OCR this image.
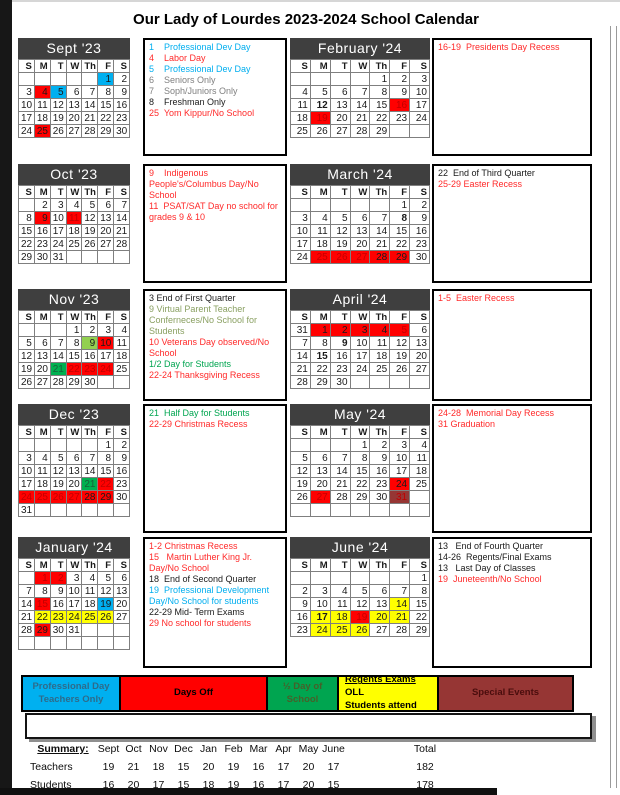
Our Lady of Lourdes 2023-2024 School Calendar
Sept '23
S	M	T	W	Th	F	S
					1	2
3	4	5	6	7	8	9
10	11	12	13	14	15	16
17	18	19	20	21	22	23
24	25	26	27	28	29	30
1    Professional Dev Day
4    Labor Day
5    Professional Dev Day
6    Seniors Only
7    Soph/Juniors Only
8    Freshman Only
25  Yom Kippur/No School
February '24
S	M	T	W	Th	F	S
				1	2	3
4	5	6	7	8	9	10
11	12	13	14	15	16	17
18	19	20	21	22	23	24
25	26	27	28	29		
16-19  Presidents Day Recess
Oct '23
S	M	T	W	Th	F	S
	2	3	4	5	6	7
8	9	10	11	12	13	14
15	16	17	18	19	20	21
22	23	24	25	26	27	28
29	30	31				
9    Indigenous People's/Columbus Day/No School
11  PSAT/SAT Day no school for grades 9 & 10
March '24
S	M	T	W	Th	F	S
					1	2
3	4	5	6	7	8	9
10	11	12	13	14	15	16
17	18	19	20	21	22	23
24	25	26	27	28	29	30
22  End of Third Quarter
25-29 Easter Recess
Nov '23
S	M	T	W	Th	F	S
			1	2	3	4
5	6	7	8	9	10	11
12	13	14	15	16	17	18
19	20	21	22	23	24	25
26	27	28	29	30		
3 End of First Quarter
9 Virtual Parent Teacher Conferneces/No School for Students
10 Veterans Day observed/No School
1/2 Day for Students
22-24 Thanksgiving Recess
April '24
S	M	T	W	Th	F	S
31	1	2	3	4	5	6
7	8	9	10	11	12	13
14	15	16	17	18	19	20
21	22	23	24	25	26	27
28	29	30				
1-5  Easter Recess
Dec '23
S	M	T	W	Th	F	S
					1	2
3	4	5	6	7	8	9
10	11	12	13	14	15	16
17	18	19	20	21	22	23
24	25	26	27	28	29	30
31						
21  Half Day for Students
22-29 Christmas Recess
May '24
S	M	T	W	Th	F	S
			1	2	3	4
5	6	7	8	9	10	11
12	13	14	15	16	17	18
19	20	21	22	23	24	25
26	27	28	29	30	31	

24-28  Memorial Day Recess
31 Graduation
January '24
S	M	T	W	Th	F	S
	1	2	3	4	5	6
7	8	9	10	11	12	13
14	15	16	17	18	19	20
21	22	23	24	25	26	27
28	29	30	31			

1-2 Christmas Recess
15   Martin Luther King Jr. Day/No School
18  End of Second Quarter
19  Professional Development Day/No School for students
22-29 Mid- Term Exams
29 No school for students
June '24
S	M	T	W	Th	F	S
						1
2	3	4	5	6	7	8
9	10	11	12	13	14	15
16	17	18	19	20	21	22
23	24	25	26	27	28	29
13   End of Fourth Quarter
14-26  Regents/Final Exams
13   Last Day of Classes
19  Juneteenth/No School
Professional Day
Teachers Only
Days Off
½ Day of
School
Regents Exams OLL
Students attend
Special Events
Summary: Sept Oct Nov Dec Jan Feb Mar Apr May June	Total
Teachers	19	21	18	15	20	19	16	17	20	17	182
Students	16	20	17	15	18	19	16	17	20	15	178
